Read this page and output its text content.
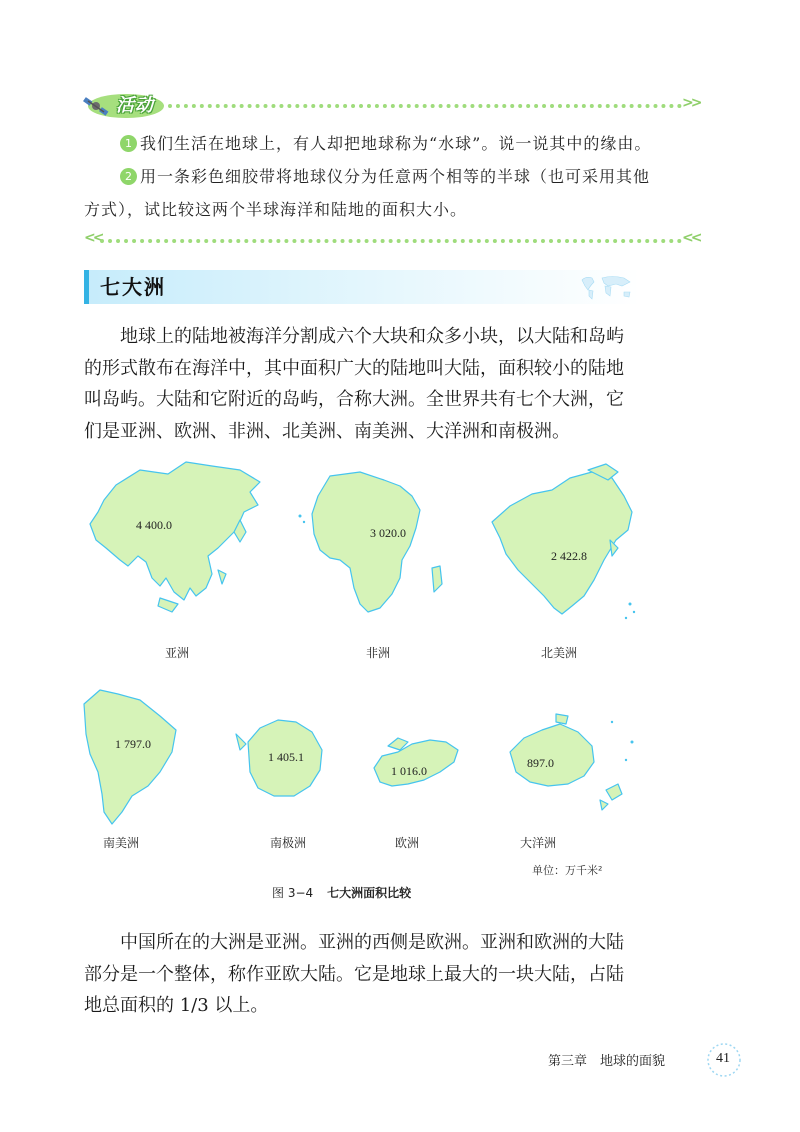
活动	>>
1 我们生活在地球上，有人却把地球称为“水球”。说一说其中的缘由。
2 用一条彩色细胶带将地球仪分为任意两个相等的半球（也可采用其他
方式），试比较这两个半球海洋和陆地的面积大小。
<<	<<
七大洲
地球上的陆地被海洋分割成六个大块和众多小块，以大陆和岛屿
的形式散布在海洋中，其中面积广大的陆地叫大陆，面积较小的陆地
叫岛屿。大陆和它附近的岛屿，合称大洲。全世界共有七个大洲，它
们是亚洲、欧洲、非洲、北美洲、南美洲、大洋洲和南极洲。
4 400.0
3 020.0
2 422.8
1 797.0
1 405.1
1 016.0
897.0
亚洲	非洲	北美洲
南美洲	南极洲	欧洲	大洋洲
单位：万千米²
图 3−4 七大洲面积比较
中国所在的大洲是亚洲。亚洲的西侧是欧洲。亚洲和欧洲的大陆
部分是一个整体，称作亚欧大陆。它是地球上最大的一块大陆，占陆
地总面积的 1/3 以上。
第三章　地球的面貌	41
